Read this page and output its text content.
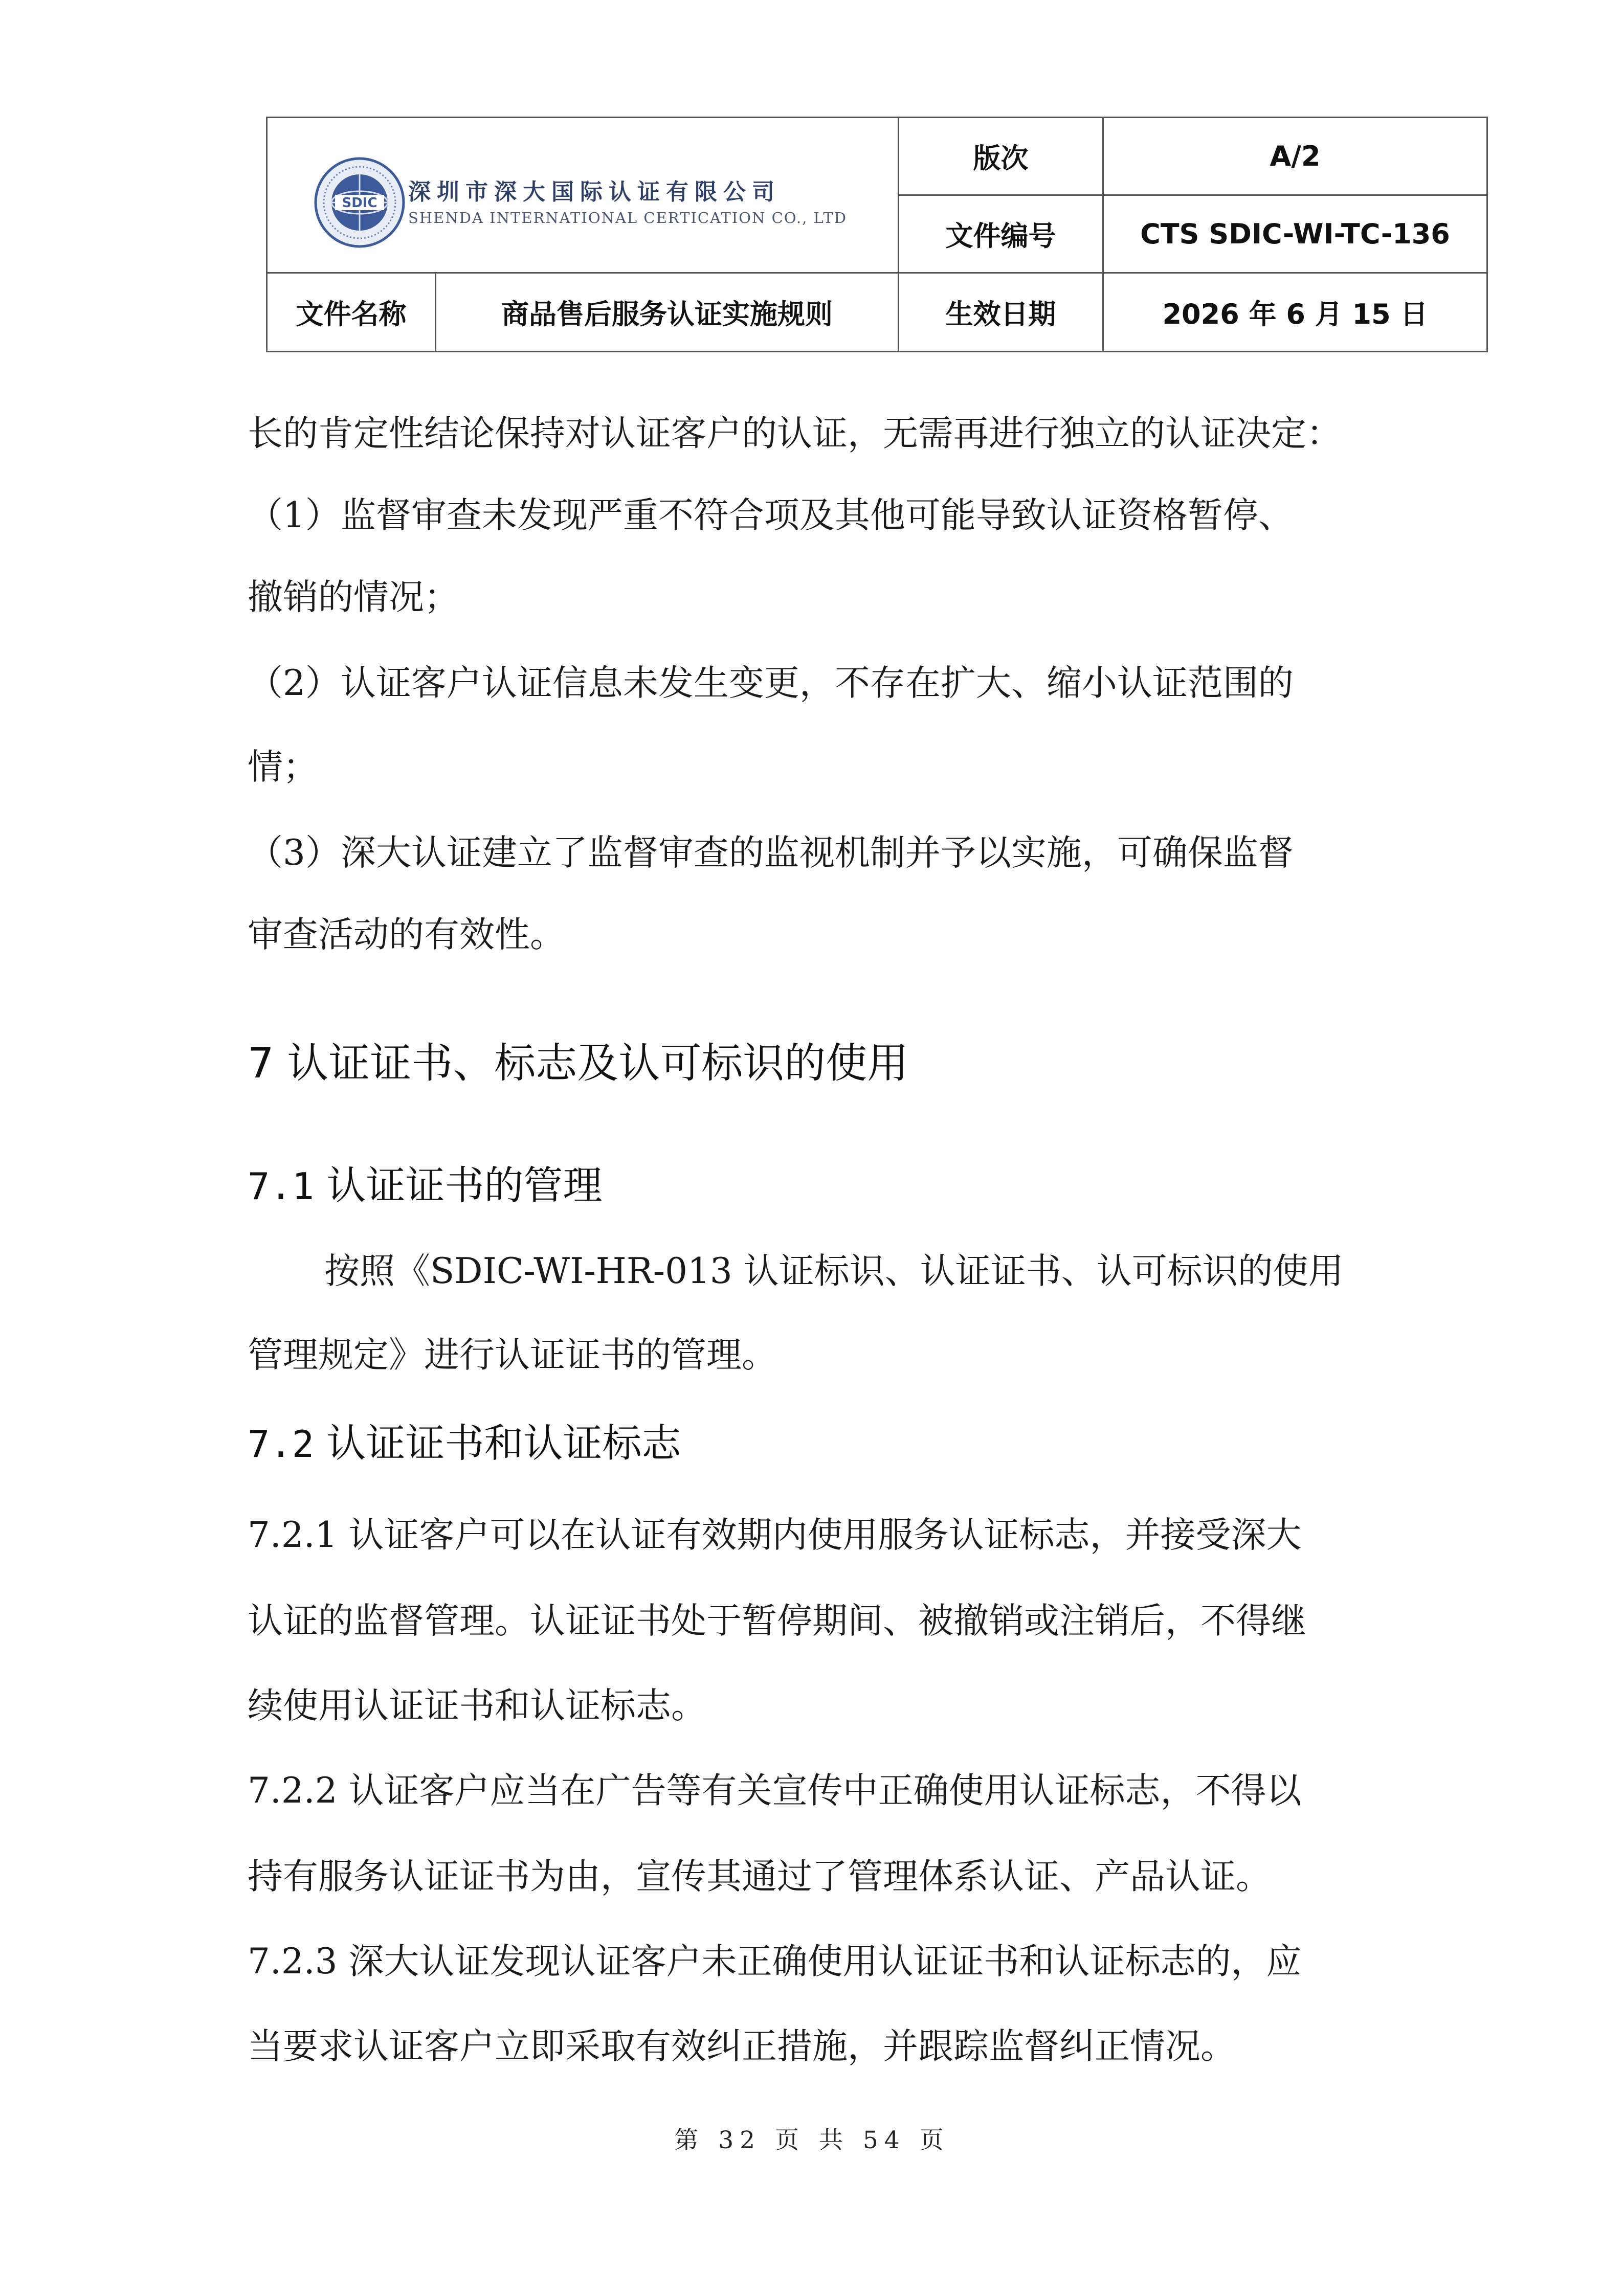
SDIC 深圳市深大国际认证有限公司
SHENDA INTERNATIONAL CERTICATION CO., LTD		版次	A/2
		文件编号	CTS SDIC-WI-TC-136
文件名称	商品售后服务认证实施规则	生效日期	2026 年 6 月 15 日
长的肯定性结论保持对认证客户的认证，无需再进行独立的认证决定：
（1）监督审查未发现严重不符合项及其他可能导致认证资格暂停、
撤销的情况；
（2）认证客户认证信息未发生变更，不存在扩大、缩小认证范围的
情；
（3）深大认证建立了监督审查的监视机制并予以实施，可确保监督
审查活动的有效性。
7 认证证书、标志及认可标识的使用
7.1 认证证书的管理
按照《SDIC-WI-HR-013 认证标识、认证证书、认可标识的使用
管理规定》进行认证证书的管理。
7.2 认证证书和认证标志
7.2.1 认证客户可以在认证有效期内使用服务认证标志，并接受深大
认证的监督管理。认证证书处于暂停期间、被撤销或注销后，不得继
续使用认证证书和认证标志。
7.2.2 认证客户应当在广告等有关宣传中正确使用认证标志，不得以
持有服务认证证书为由，宣传其通过了管理体系认证、产品认证。
7.2.3 深大认证发现认证客户未正确使用认证证书和认证标志的，应
当要求认证客户立即采取有效纠正措施，并跟踪监督纠正情况。
第 32 页 共 54 页
